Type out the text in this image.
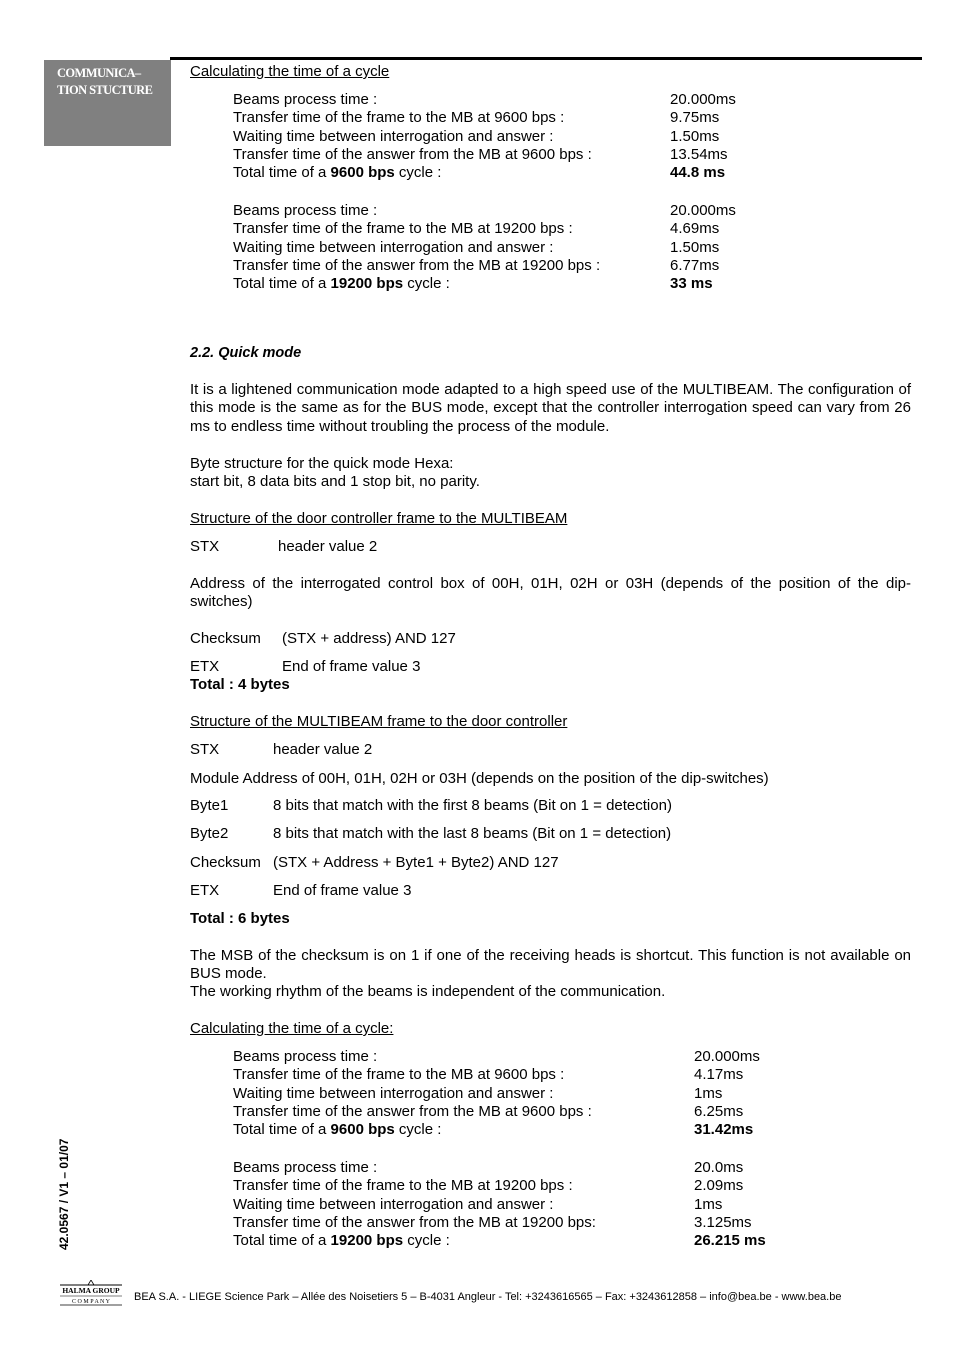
COMMUNICA–
TION STUCTURE
Calculating the time of a cycle
Beams process time :	20.000ms
Transfer time of the frame to the MB at 9600 bps :	9.75ms
Waiting time between interrogation and answer :	1.50ms
Transfer time of the answer from the MB at 9600 bps :	13.54ms
Total time of a 9600 bps cycle :	44.8 ms
Beams process time :	20.000ms
Transfer time of the frame to the MB at 19200 bps :	4.69ms
Waiting time between interrogation and answer :	1.50ms
Transfer time of the answer from the MB at 19200 bps :	6.77ms
Total time of a 19200 bps cycle :	33 ms
2.2. Quick mode
It is a lightened communication mode adapted to a high speed use of the MULTIBEAM. The configuration of this mode is the same as for the BUS mode, except that the controller interrogation speed can vary from 26 ms to endless time without troubling the process of the module.
Byte structure for the quick mode Hexa:
start bit, 8 data bits and 1 stop bit, no parity.
Structure of the door controller frame to the MULTIBEAM
STX	header value 2
Address of the interrogated control box of 00H, 01H, 02H or 03H (depends of the position of the dip-switches)
Checksum (STX + address) AND 127
ETX	End of frame value 3
Total : 4 bytes
Structure of the MULTIBEAM frame to the door controller
STX	header value 2
Module Address of 00H, 01H, 02H or 03H (depends on the position of the dip-switches)
Byte1	8 bits that match with the first 8 beams (Bit on 1 = detection)
Byte2	8 bits that match with the last 8 beams (Bit on 1 = detection)
Checksum (STX + Address + Byte1 + Byte2) AND 127
ETX	End of frame value 3
Total : 6 bytes
The MSB of the checksum is on 1 if one of the receiving heads is shortcut. This function is not available on BUS mode.
The working rhythm of the beams is independent of the communication.
Calculating the time of a cycle:
Beams process time :	20.000ms
Transfer time of the frame to the MB at 9600 bps :	4.17ms
Waiting time between interrogation and answer :	1ms
Transfer time of the answer from the MB at 9600 bps :	6.25ms
Total time of a 9600 bps cycle :	31.42ms
Beams process time :	20.0ms
Transfer time of the frame to the MB at 19200 bps :	2.09ms
Waiting time between interrogation and answer :	1ms
Transfer time of the answer from the MB at 19200 bps:	3.125ms
Total time of a 19200 bps cycle :	26.215 ms
42.0567 / V1 – 01/07
HALMA GROUP
C O M P A N Y BEA S.A. - LIEGE Science Park – Allée des Noisetiers 5 – B-4031 Angleur - Tel: +3243616565 – Fax: +3243612858 – info@bea.be - www.bea.be
